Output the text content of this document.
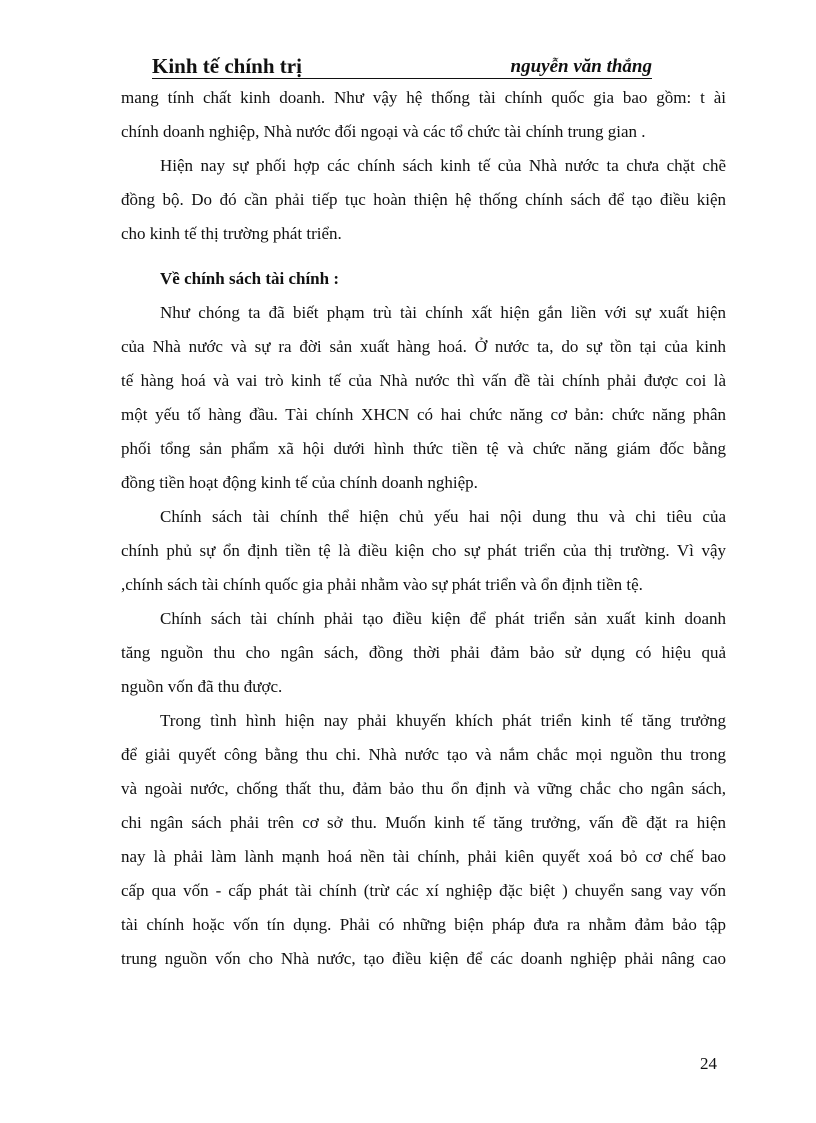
Kinh tế chính trị	nguyễn văn thắng
mang tính chất kinh doanh. Như vậy hệ thống tài chính quốc gia bao gồm: t ài
chính doanh nghiệp, Nhà nước đối ngoại và các tổ chức tài chính trung gian .
Hiện nay sự phối hợp các chính sách kinh tế của Nhà nước ta chưa chặt chẽ
đồng bộ. Do đó cần phải tiếp tục hoàn thiện hệ thống chính sách để tạo điều kiện
cho kinh tế thị trường phát triển.
Về chính sách tài chính :
Như chóng ta đã biết phạm trù tài chính xất hiện gắn liền với sự xuất hiện
của Nhà nước và sự ra đời sản xuất hàng hoá. Ở nước ta, do sự tồn tại của kinh
tế hàng hoá và vai trò kinh tế của Nhà nước thì vấn đề tài chính phải được coi là
một yếu tố hàng đầu. Tài chính XHCN có hai chức năng cơ bản: chức năng phân
phối tổng sản phẩm xã hội dưới hình thức tiền tệ và chức năng giám đốc bằng
đồng tiền hoạt động kinh tế của chính doanh nghiệp.
Chính sách tài chính thể hiện chủ yếu hai nội dung thu và chi tiêu của
chính phủ sự ổn định tiền tệ là điều kiện cho sự phát triển của thị trường. Vì vậy
,chính sách tài chính quốc gia phải nhằm vào sự phát triển và ổn định tiền tệ.
Chính sách tài chính phải tạo điều kiện để phát triển sản xuất kinh doanh
tăng nguồn thu cho ngân sách, đồng thời phải đảm bảo sử dụng có hiệu quả
nguồn vốn đã thu được.
Trong tình hình hiện nay phải khuyến khích phát triển kinh tế tăng trưởng
để giải quyết công bằng thu chi. Nhà nước tạo và nắm chắc mọi nguồn thu trong
và ngoài nước, chống thất thu, đảm bảo thu ổn định và vững chắc cho ngân sách,
chi ngân sách phải trên cơ sở thu. Muốn kinh tế tăng trưởng, vấn đề đặt ra hiện
nay là phải làm lành mạnh hoá nền tài chính, phải kiên quyết xoá bỏ cơ chế bao
cấp qua vốn - cấp phát tài chính (trừ các xí nghiệp đặc biệt ) chuyển sang vay vốn
tài chính hoặc vốn tín dụng. Phải có những biện pháp đưa ra nhằm đảm bảo tập
trung nguồn vốn cho Nhà nước, tạo điều kiện để các doanh nghiệp phải nâng cao
24
